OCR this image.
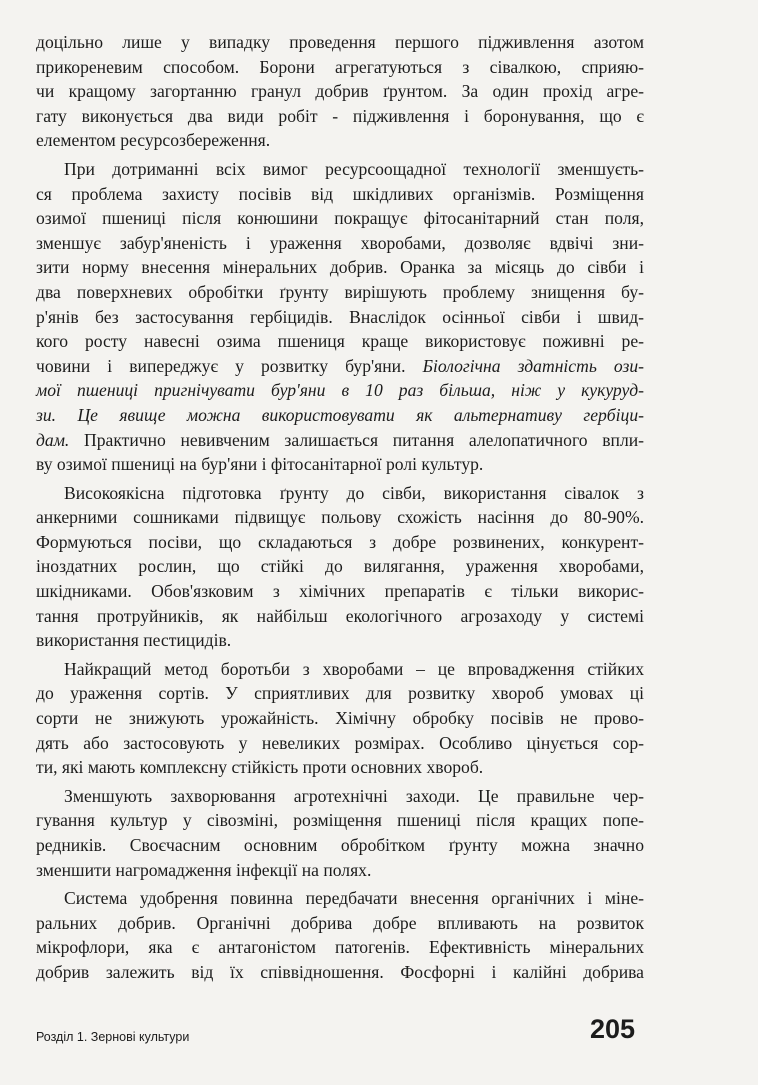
доцільно лише у випадку проведення першого підживлення азотом
прикореневим способом. Борони агрегатуються з сівалкою, сприяю-
чи кращому загортанню гранул добрив ґрунтом. За один прохід агре-
гату виконується два види робіт - підживлення і боронування, що є
елементом ресурсозбереження.

При дотриманні всіх вимог ресурсоощадної технології зменшуєть-
ся проблема захисту посівів від шкідливих організмів. Розміщення
озимої пшениці після конюшини покращує фітосанітарний стан поля,
зменшує забур'яненість і ураження хворобами, дозволяє вдвічі зни-
зити норму внесення мінеральних добрив. Оранка за місяць до сівби і
два поверхневих обробітки ґрунту вирішують проблему знищення бу-
р'янів без застосування гербіцидів. Внаслідок осінньої сівби і швид-
кого росту навесні озима пшениця краще використовує поживні ре-
човини і випереджує у розвитку бур'яни. Біологічна здатність ози-
мої пшениці пригнічувати бур'яни в 10 раз більша, ніж у кукуруд-
зи. Це явище можна використовувати як альтернативу гербіци-
дам. Практично невивченим залишається питання алелопатичного впли-
ву озимої пшениці на бур'яни і фітосанітарної ролі культур.

Високоякісна підготовка ґрунту до сівби, використання сівалок з
анкерними сошниками підвищує польову схожість насіння до 80-90%.
Формуються посіви, що складаються з добре розвинених, конкурент-
іноздатних рослин, що стійкі до вилягання, ураження хворобами,
шкідниками. Обов'язковим з хімічних препаратів є тільки викорис-
тання протруйників, як найбільш екологічного агрозаходу у системі
використання пестицидів.

Найкращий метод боротьби з хворобами – це впровадження стійких
до ураження сортів. У сприятливих для розвитку хвороб умовах ці
сорти не знижують урожайність. Хімічну обробку посівів не прово-
дять або застосовують у невеликих розмірах. Особливо цінується сор-
ти, які мають комплексну стійкість проти основних хвороб.

Зменшують захворювання агротехнічні заходи. Це правильне чер-
гування культур у сівозміні, розміщення пшениці після кращих попе-
редників. Своєчасним основним обробітком ґрунту можна значно
зменшити нагромадження інфекції на полях.

Система удобрення повинна передбачати внесення органічних і міне-
ральних добрив. Органічні добрива добре впливають на розвиток
мікрофлори, яка є антагоністом патогенів. Ефективність мінеральних
добрив залежить від їх співвідношення. Фосфорні і калійні добрива

Розділ 1. Зернові культури	205
